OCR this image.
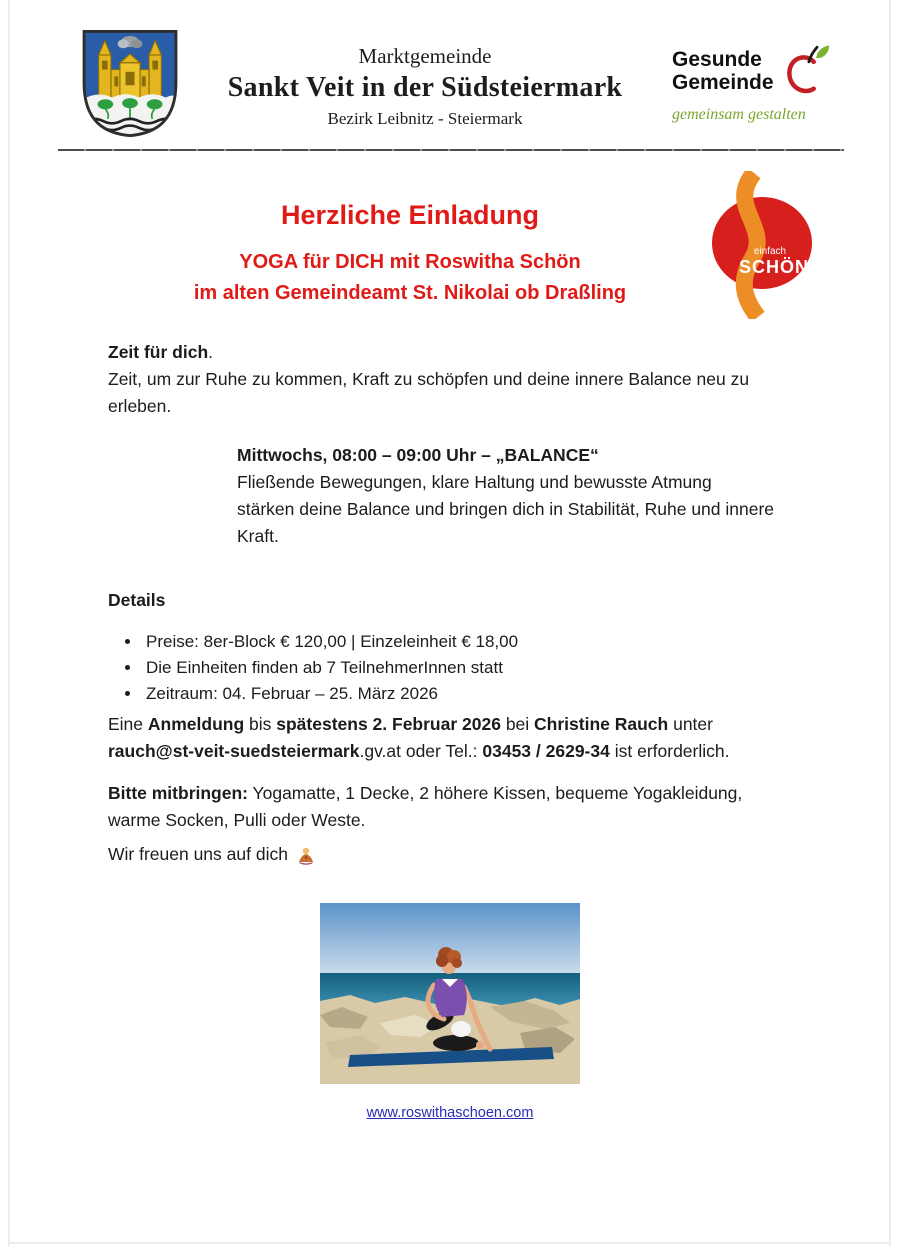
Marktgemeinde
Sankt Veit in der Südsteiermark
Bezirk Leibnitz - Steiermark
Gesunde
Gemeinde
gemeinsam gestalten
Herzliche Einladung
YOGA für DICH mit Roswitha Schön
im alten Gemeindeamt St. Nikolai ob Draßling
einfach
SCHÖN
Zeit für dich.
Zeit, um zur Ruhe zu kommen, Kraft zu schöpfen und deine innere Balance neu zu
erleben.
Mittwochs, 08:00 – 09:00 Uhr – „BALANCE“
Fließende Bewegungen, klare Haltung und bewusste Atmung
stärken deine Balance und bringen dich in Stabilität, Ruhe und innere
Kraft.
Details
• Preise: 8er-Block € 120,00 | Einzeleinheit € 18,00
• Die Einheiten finden ab 7 TeilnehmerInnen statt
• Zeitraum: 04. Februar – 25. März 2026
Eine Anmeldung bis spätestens 2. Februar 2026 bei Christine Rauch unter
rauch@st-veit-suedsteiermark.gv.at oder Tel.: 03453 / 2629-34 ist erforderlich.
Bitte mitbringen: Yogamatte, 1 Decke, 2 höhere Kissen, bequeme Yogakleidung,
warme Socken, Pulli oder Weste.
Wir freuen uns auf dich
www.roswithaschoen.com
